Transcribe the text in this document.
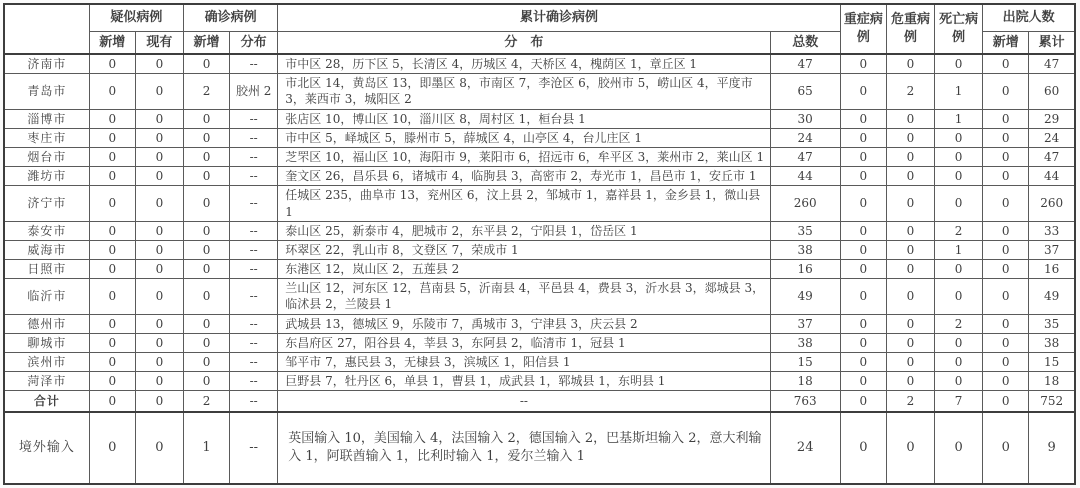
	疑似病例		确诊病例		累计确诊病例		重症病例	危重病例	死亡病例	出院人数	
	新增	现有	新增	分布	分　布	总数				新增	累计
济南市	0	0	0	--	市中区 28，历下区 5，长清区 4，历城区 4，天桥区 4，槐荫区 1，章丘区 1	47	0	0	0	0	47
青岛市	0	0	2	胶州 2	市北区 14，黄岛区 13，即墨区 8，市南区 7，李沧区 6，胶州市 5，崂山区 4，平度市 3，莱西市 3，城阳区 2	65	0	2	1	0	60
淄博市	0	0	0	--	张店区 10，博山区 10，淄川区 8，周村区 1，桓台县 1	30	0	0	1	0	29
枣庄市	0	0	0	--	市中区 5，峄城区 5，滕州市 5，薛城区 4，山亭区 4，台儿庄区 1	24	0	0	0	0	24
烟台市	0	0	0	--	芝罘区 10，福山区 10，海阳市 9，莱阳市 6，招远市 6，牟平区 3，莱州市 2，莱山区 1	47	0	0	0	0	47
潍坊市	0	0	0	--	奎文区 26，昌乐县 6，诸城市 4，临朐县 3，高密市 2，寿光市 1，昌邑市 1，安丘市 1	44	0	0	0	0	44
济宁市	0	0	0	--	任城区 235，曲阜市 13，兖州区 6，汶上县 2，邹城市 1，嘉祥县 1，金乡县 1，微山县 1	260	0	0	0	0	260
泰安市	0	0	0	--	泰山区 25，新泰市 4，肥城市 2，东平县 2，宁阳县 1，岱岳区 1	35	0	0	2	0	33
威海市	0	0	0	--	环翠区 22，乳山市 8，文登区 7，荣成市 1	38	0	0	1	0	37
日照市	0	0	0	--	东港区 12，岚山区 2，五莲县 2	16	0	0	0	0	16
临沂市	0	0	0	--	兰山区 12，河东区 12，莒南县 5，沂南县 4，平邑县 4，费县 3，沂水县 3，郯城县 3，临沭县 2，兰陵县 1	49	0	0	0	0	49
德州市	0	0	0	--	武城县 13，德城区 9，乐陵市 7，禹城市 3，宁津县 3，庆云县 2	37	0	0	2	0	35
聊城市	0	0	0	--	东昌府区 27，阳谷县 4，莘县 3，东阿县 2，临清市 1，冠县 1	38	0	0	0	0	38
滨州市	0	0	0	--	邹平市 7，惠民县 3，无棣县 3，滨城区 1，阳信县 1	15	0	0	0	0	15
菏泽市	0	0	0	--	巨野县 7，牡丹区 6，单县 1，曹县 1，成武县 1，郓城县 1，东明县 1	18	0	0	0	0	18
合计	0	0	2	--	--	763	0	2	7	0	752
境外输入	0	0	1	--	英国输入 10，美国输入 4，法国输入 2，德国输入 2，巴基斯坦输入 2，意大利输入 1，阿联酋输入 1，比利时输入 1，爱尔兰输入 1	24	0	0	0	0	9
